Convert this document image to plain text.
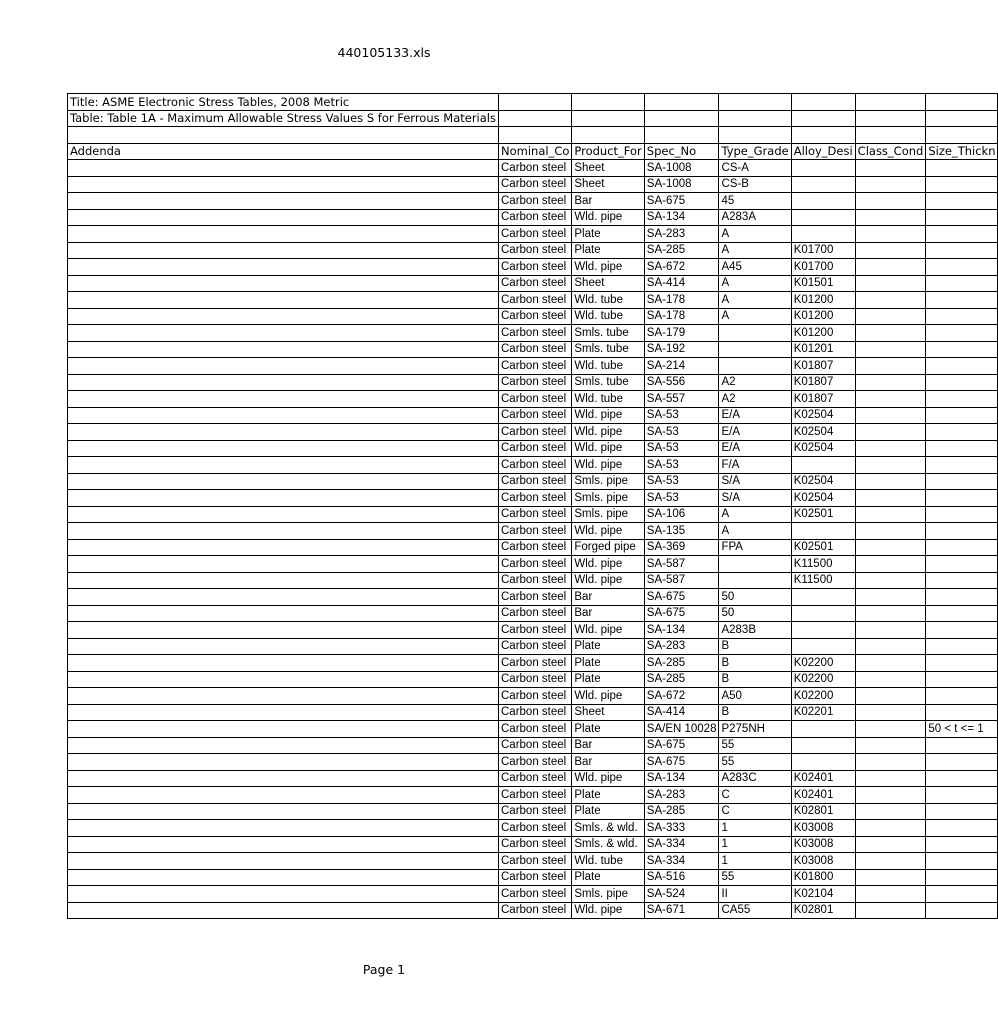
440105133.xls
Title: ASME Electronic Stress Tables, 2008 Metric							
Table: Table 1A - Maximum Allowable Stress Values S for Ferrous Materials							

Addenda	Nominal_Co	Product_For	Spec_No	Type_Grade	Alloy_Desi	Class_Cond	Size_Thickn
	Carbon steel	Sheet	SA-1008	CS-A			
	Carbon steel	Sheet	SA-1008	CS-B			
	Carbon steel	Bar	SA-675	45			
	Carbon steel	Wld. pipe	SA-134	A283A			
	Carbon steel	Plate	SA-283	A			
	Carbon steel	Plate	SA-285	A	K01700		
	Carbon steel	Wld. pipe	SA-672	A45	K01700		
	Carbon steel	Sheet	SA-414	A	K01501		
	Carbon steel	Wld. tube	SA-178	A	K01200		
	Carbon steel	Wld. tube	SA-178	A	K01200		
	Carbon steel	Smls. tube	SA-179		K01200		
	Carbon steel	Smls. tube	SA-192		K01201		
	Carbon steel	Wld. tube	SA-214		K01807		
	Carbon steel	Smls. tube	SA-556	A2	K01807		
	Carbon steel	Wld. tube	SA-557	A2	K01807		
	Carbon steel	Wld. pipe	SA-53	E/A	K02504		
	Carbon steel	Wld. pipe	SA-53	E/A	K02504		
	Carbon steel	Wld. pipe	SA-53	E/A	K02504		
	Carbon steel	Wld. pipe	SA-53	F/A			
	Carbon steel	Smls. pipe	SA-53	S/A	K02504		
	Carbon steel	Smls. pipe	SA-53	S/A	K02504		
	Carbon steel	Smls. pipe	SA-106	A	K02501		
	Carbon steel	Wld. pipe	SA-135	A			
	Carbon steel	Forged pipe	SA-369	FPA	K02501		
	Carbon steel	Wld. pipe	SA-587		K11500		
	Carbon steel	Wld. pipe	SA-587		K11500		
	Carbon steel	Bar	SA-675	50			
	Carbon steel	Bar	SA-675	50			
	Carbon steel	Wld. pipe	SA-134	A283B			
	Carbon steel	Plate	SA-283	B			
	Carbon steel	Plate	SA-285	B	K02200		
	Carbon steel	Plate	SA-285	B	K02200		
	Carbon steel	Wld. pipe	SA-672	A50	K02200		
	Carbon steel	Sheet	SA-414	B	K02201		
	Carbon steel	Plate	SA/EN 10028	P275NH			50 < t <= 1
	Carbon steel	Bar	SA-675	55			
	Carbon steel	Bar	SA-675	55			
	Carbon steel	Wld. pipe	SA-134	A283C	K02401		
	Carbon steel	Plate	SA-283	C	K02401		
	Carbon steel	Plate	SA-285	C	K02801		
	Carbon steel	Smls. & wld.	SA-333	1	K03008		
	Carbon steel	Smls. & wld.	SA-334	1	K03008		
	Carbon steel	Wld. tube	SA-334	1	K03008		
	Carbon steel	Plate	SA-516	55	K01800		
	Carbon steel	Smls. pipe	SA-524	II	K02104		
	Carbon steel	Wld. pipe	SA-671	CA55	K02801		
Page 1
